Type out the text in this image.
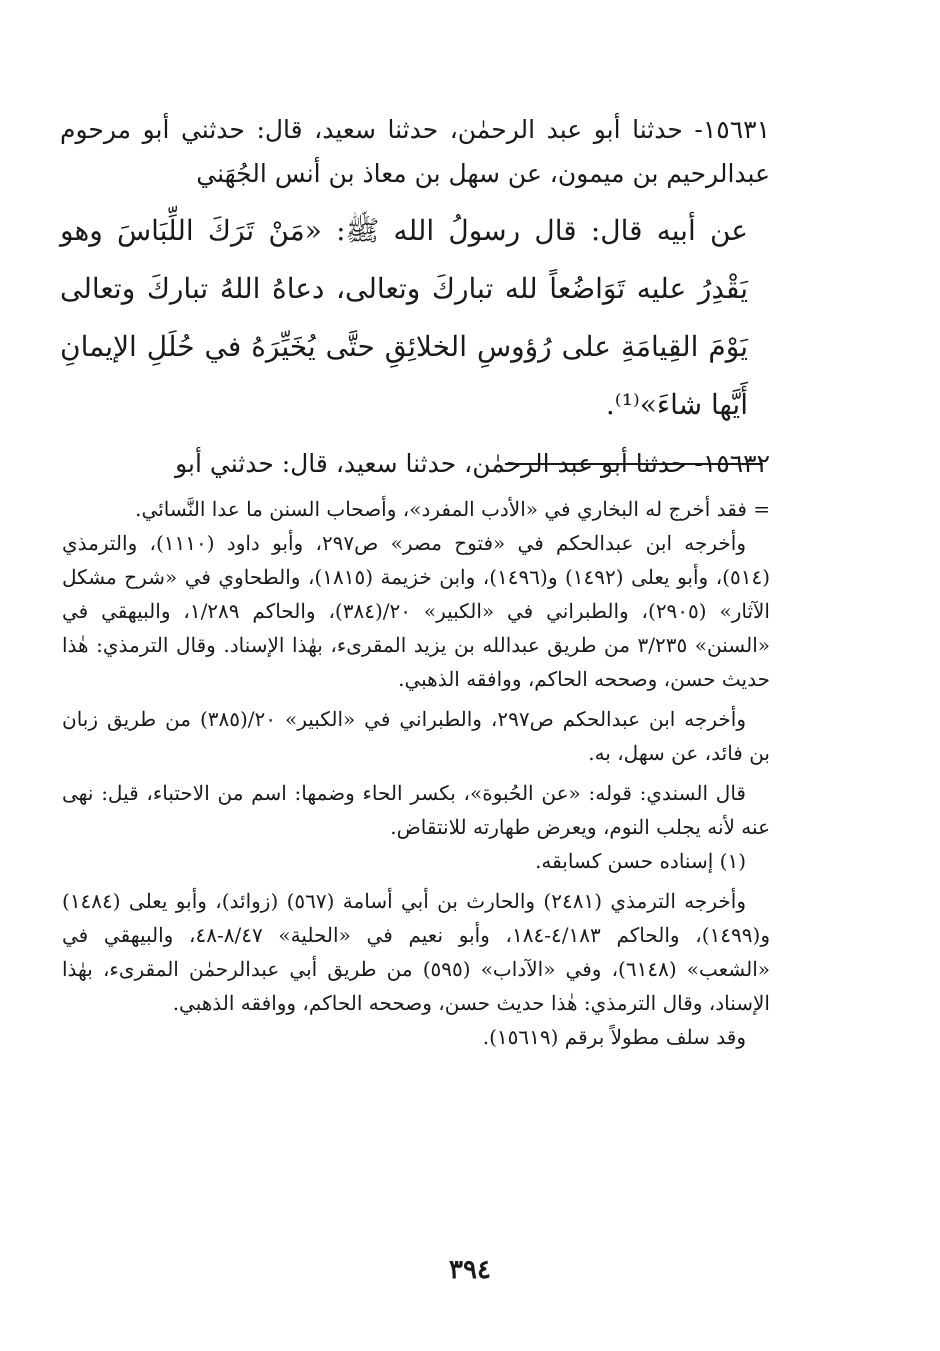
١٥٦٣١- حدثنا أبو عبد الرحمٰن، حدثنا سعيد، قال: حدثني أبو مرحوم عبدالرحيم بن ميمون، عن سهل بن معاذ بن أنس الجُهَني

عن أبيه قال: قال رسولُ الله ﷺ: «مَنْ تَرَكَ اللِّبَاسَ وهو يَقْدِرُ عليه تَوَاضُعاً لله تباركَ وتعالى، دعاهُ اللهُ تباركَ وتعالى يَوْمَ القِيامَةِ على رُؤوسِ الخلائِقِ حتَّى يُخَيِّرَهُ في حُلَلِ الإيمانِ أَيَّها شاءَ»⁽¹⁾.

١٥٦٣٢- حدثنا أبو عبد الرحمٰن، حدثنا سعيد، قال: حدثني أبو

= فقد أخرج له البخاري في «الأدب المفرد»، وأصحاب السنن ما عدا النَّسائي.

وأخرجه ابن عبدالحكم في «فتوح مصر» ص٢٩٧، وأبو داود (١١١٠)، والترمذي (٥١٤)، وأبو يعلى (١٤٩٢) و(١٤٩٦)، وابن خزيمة (١٨١٥)، والطحاوي في «شرح مشكل الآثار» (٢٩٠٥)، والطبراني في «الكبير» ٢٠/(٣٨٤)، والحاكم ١/٢٨٩، والبيهقي في «السنن» ٣/٢٣٥ من طريق عبدالله بن يزيد المقرىء، بهٰذا الإسناد. وقال الترمذي: هٰذا حديث حسن، وصححه الحاكم، ووافقه الذهبي.

وأخرجه ابن عبدالحكم ص٢٩٧، والطبراني في «الكبير» ٢٠/(٣٨٥) من طريق زبان بن فائد، عن سهل، به.

قال السندي: قوله: «عن الحُبوة»، بكسر الحاء وضمها: اسم من الاحتباء، قيل: نهى عنه لأنه يجلب النوم، ويعرض طهارته للانتقاض.

(١) إسناده حسن كسابقه.

وأخرجه الترمذي (٢٤٨١) والحارث بن أبي أسامة (٥٦٧) (زوائد)، وأبو يعلى (١٤٨٤) و(١٤٩٩)، والحاكم ٤/١٨٣-١٨٤، وأبو نعيم في «الحلية» ٨/٤٧-٤٨، والبيهقي في «الشعب» (٦١٤٨)، وفي «الآداب» (٥٩٥) من طريق أبي عبدالرحمٰن المقرىء، بهٰذا الإسناد، وقال الترمذي: هٰذا حديث حسن، وصححه الحاكم، ووافقه الذهبي.

وقد سلف مطولاً برقم (١٥٦١٩).

٣٩٤
